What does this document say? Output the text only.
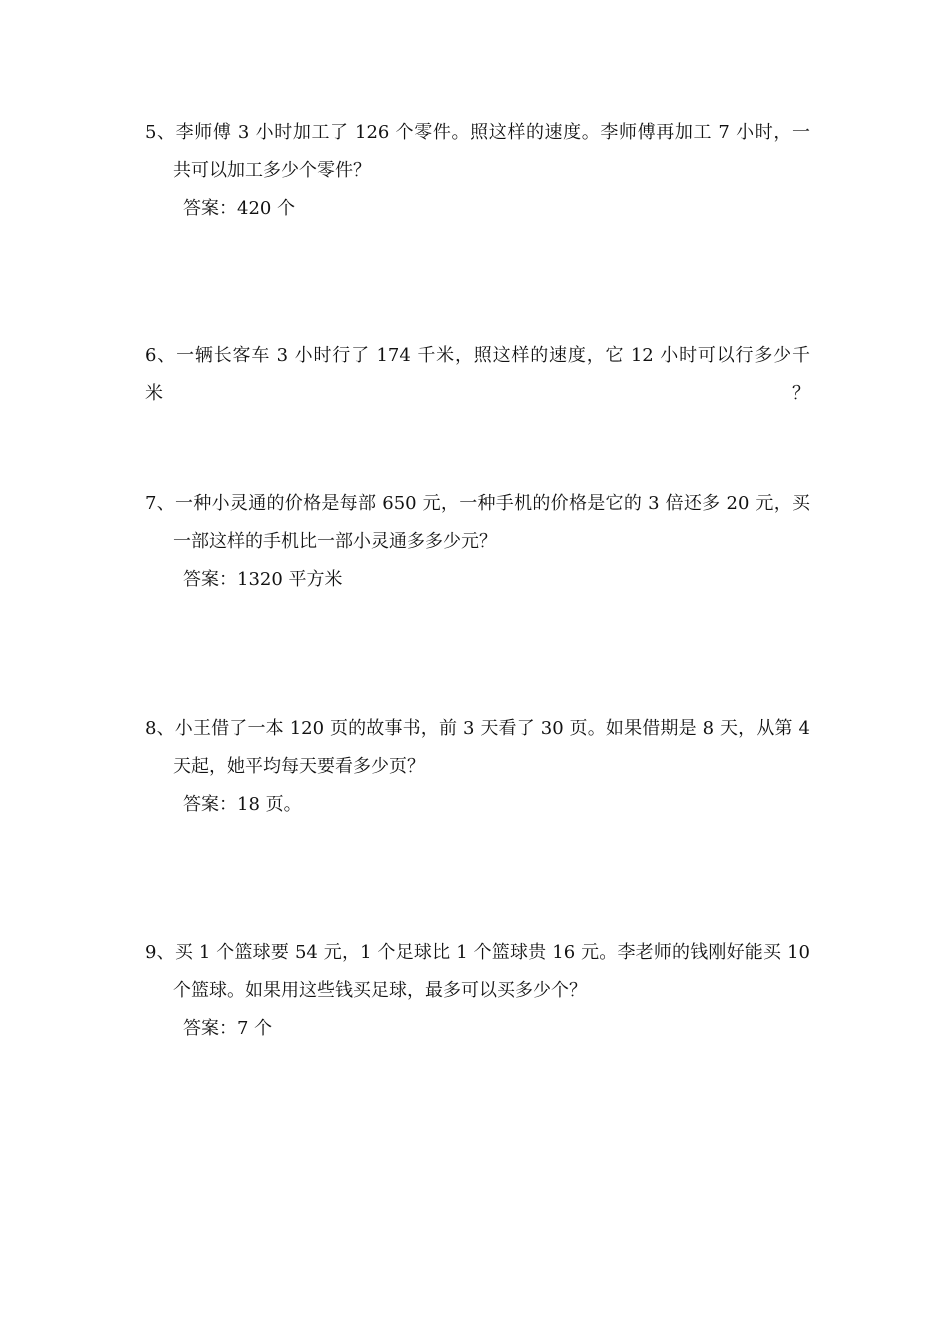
5、李师傅 3 小时加工了 126 个零件。照这样的速度。李师傅再加工 7 小时，一
共可以加工多少个零件？
答案：420 个
6、一辆长客车 3 小时行了 174 千米，照这样的速度，它 12 小时可以行多少千米？
7、一种小灵通的价格是每部 650 元，一种手机的价格是它的 3 倍还多 20 元，买
一部这样的手机比一部小灵通多多少元？
答案：1320 平方米
8、小王借了一本 120 页的故事书，前 3 天看了 30 页。如果借期是 8 天，从第 4
天起，她平均每天要看多少页？
答案：18 页。
9、买 1 个篮球要 54 元，1 个足球比 1 个篮球贵 16 元。李老师的钱刚好能买 10
个篮球。如果用这些钱买足球，最多可以买多少个？
答案：7 个
